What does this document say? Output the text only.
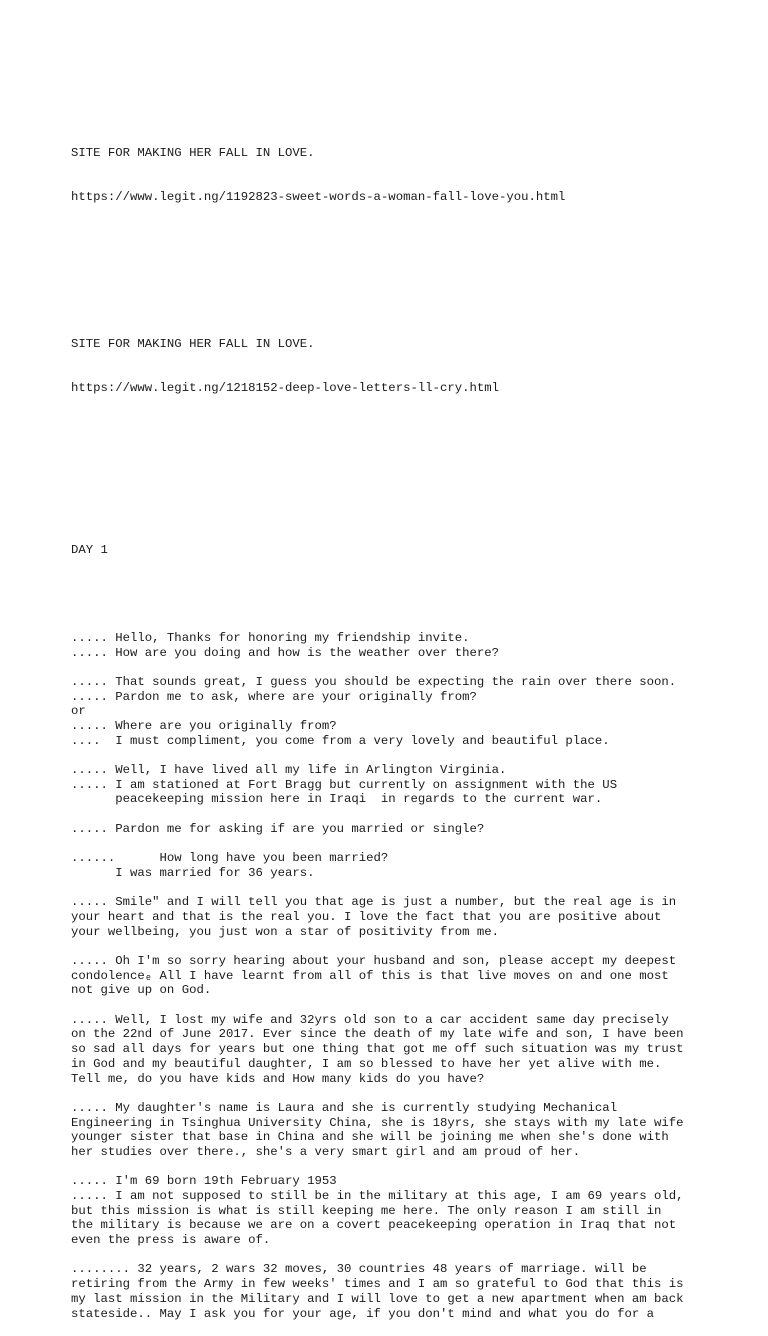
SITE FOR MAKING HER FALL IN LOVE.

https://www.legit.ng/1192823-sweet-words-a-woman-fall-love-you.html

SITE FOR MAKING HER FALL IN LOVE.

https://www.legit.ng/1218152-deep-love-letters-ll-cry.html

DAY 1

..... Hello, Thanks for honoring my friendship invite.
..... How are you doing and how is the weather over there?
..... That sounds great, I guess you should be expecting the rain over there soon.
..... Pardon me to ask, where are your originally from?
or
..... Where are you originally from?
....  I must compliment, you come from a very lovely and beautiful place.
..... Well, I have lived all my life in Arlington Virginia.
..... I am stationed at Fort Bragg but currently on assignment with the US
peacekeeping mission here in Iraqi  in regards to the current war.
..... Pardon me for asking if are you married or single?
......      How long have you been married?
I was married for 36 years.
..... Smile" and I will tell you that age is just a number, but the real age is in
your heart and that is the real you. I love the fact that you are positive about
your wellbeing, you just won a star of positivity from me.
..... Oh I'm so sorry hearing about your husband and son, please accept my deepest
condolenceₑ All I have learnt from all of this is that live moves on and one most
not give up on God.
..... Well, I lost my wife and 32yrs old son to a car accident same day precisely
on the 22nd of June 2017. Ever since the death of my late wife and son, I have been
so sad all days for years but one thing that got me off such situation was my trust
in God and my beautiful daughter, I am so blessed to have her yet alive with me.
Tell me, do you have kids and How many kids do you have?
..... My daughter's name is Laura and she is currently studying Mechanical
Engineering in Tsinghua University China, she is 18yrs, she stays with my late wife
younger sister that base in China and she will be joining me when she's done with
her studies over there., she's a very smart girl and am proud of her.
..... I'm 69 born 19th February 1953
..... I am not supposed to still be in the military at this age, I am 69 years old,
but this mission is what is still keeping me here. The only reason I am still in
the military is because we are on a covert peacekeeping operation in Iraq that not
even the press is aware of.
........ 32 years, 2 wars 32 moves, 30 countries 48 years of marriage. will be
retiring from the Army in few weeks' times and I am so grateful to God that this is
my last mission in the Military and I will love to get a new apartment when am back
stateside.. May I ask you for your age, if you don't mind and what you do for a
